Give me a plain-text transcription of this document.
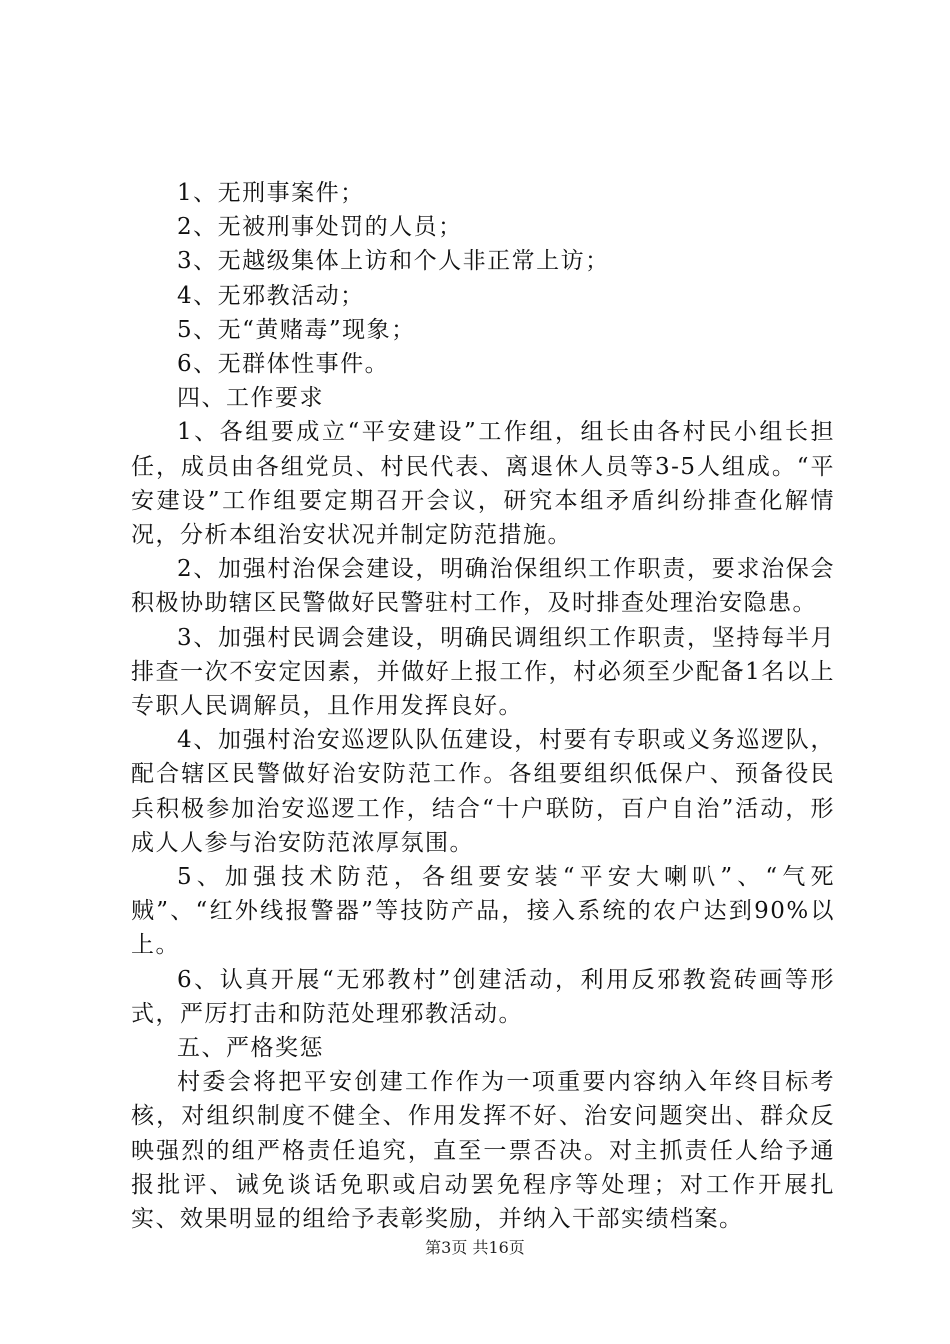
1、无刑事案件；

2、无被刑事处罚的人员；

3、无越级集体上访和个人非正常上访；

4、无邪教活动；

5、无“黄赌毒”现象；

6、无群体性事件。

四、工作要求

1、各组要成立“平安建设”工作组，组长由各村民小组长担任，成员由各组党员、村民代表、离退休人员等3-5人组成。“平安建设”工作组要定期召开会议，研究本组矛盾纠纷排查化解情况，分析本组治安状况并制定防范措施。

2、加强村治保会建设，明确治保组织工作职责，要求治保会积极协助辖区民警做好民警驻村工作，及时排查处理治安隐患。

3、加强村民调会建设，明确民调组织工作职责，坚持每半月排查一次不安定因素，并做好上报工作，村必须至少配备1名以上专职人民调解员，且作用发挥良好。

4、加强村治安巡逻队队伍建设，村要有专职或义务巡逻队，配合辖区民警做好治安防范工作。各组要组织低保户、预备役民兵积极参加治安巡逻工作，结合“十户联防，百户自治”活动，形成人人参与治安防范浓厚氛围。

5、加强技术防范，各组要安装“平安大喇叭”、“气死贼”、“红外线报警器”等技防产品，接入系统的农户达到90%以上。

6、认真开展“无邪教村”创建活动，利用反邪教瓷砖画等形式，严厉打击和防范处理邪教活动。

五、严格奖惩

村委会将把平安创建工作作为一项重要内容纳入年终目标考核，对组织制度不健全、作用发挥不好、治安问题突出、群众反映强烈的组严格责任追究，直至一票否决。对主抓责任人给予通报批评、诫免谈话免职或启动罢免程序等处理；对工作开展扎实、效果明显的组给予表彰奖励，并纳入干部实绩档案。

第3页 共16页
